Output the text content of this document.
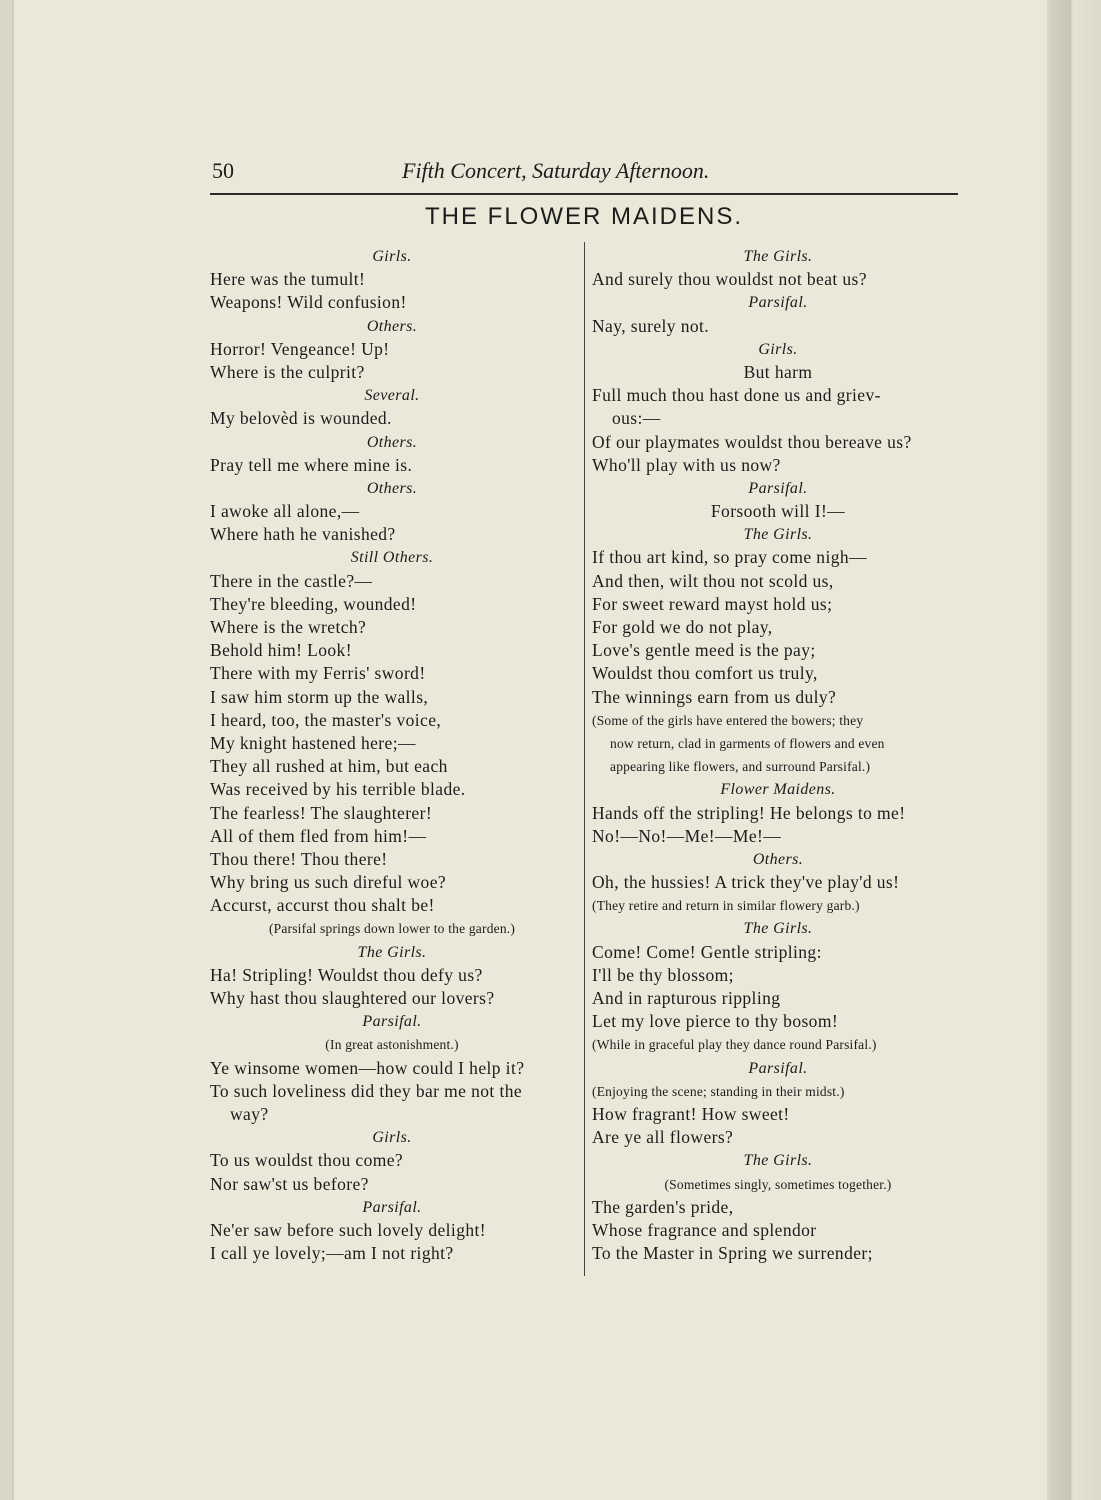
50	Fifth Concert, Saturday Afternoon.
THE FLOWER MAIDENS.
Girls.
Here was the tumult!
Weapons! Wild confusion!
Others.
Horror! Vengeance! Up!
Where is the culprit?
Several.
My belovèd is wounded.
Others.
Pray tell me where mine is.
Others.
I awoke all alone,—
Where hath he vanished?
Still Others.
There in the castle?—
They're bleeding, wounded!
Where is the wretch?
Behold him! Look!
There with my Ferris' sword!
I saw him storm up the walls,
I heard, too, the master's voice,
My knight hastened here;—
They all rushed at him, but each
Was received by his terrible blade.
The fearless! The slaughterer!
All of them fled from him!—
Thou there! Thou there!
Why bring us such direful woe?
Accurst, accurst thou shalt be!
(Parsifal springs down lower to the garden.)
The Girls.
Ha! Stripling! Wouldst thou defy us?
Why hast thou slaughtered our lovers?
Parsifal.
(In great astonishment.)
Ye winsome women—how could I help it?
To such loveliness did they bar me not the
way?
Girls.
To us wouldst thou come?
Nor saw'st us before?
Parsifal.
Ne'er saw before such lovely delight!
I call ye lovely;—am I not right?
The Girls.
And surely thou wouldst not beat us?
Parsifal.
Nay, surely not.
Girls.
But harm
Full much thou hast done us and griev-
ous:—
Of our playmates wouldst thou bereave us?
Who'll play with us now?
Parsifal.
Forsooth will I!—
The Girls.
If thou art kind, so pray come nigh—
And then, wilt thou not scold us,
For sweet reward mayst hold us;
For gold we do not play,
Love's gentle meed is the pay;
Wouldst thou comfort us truly,
The winnings earn from us duly?
(Some of the girls have entered the bowers; they
now return, clad in garments of flowers and even
appearing like flowers, and surround Parsifal.)
Flower Maidens.
Hands off the stripling! He belongs to me!
No!—No!—Me!—Me!—
Others.
Oh, the hussies! A trick they've play'd us!
(They retire and return in similar flowery garb.)
The Girls.
Come! Come! Gentle stripling:
I'll be thy blossom;
And in rapturous rippling
Let my love pierce to thy bosom!
(While in graceful play they dance round Parsifal.)
Parsifal.
(Enjoying the scene; standing in their midst.)
How fragrant! How sweet!
Are ye all flowers?
The Girls.
(Sometimes singly, sometimes together.)
The garden's pride,
Whose fragrance and splendor
To the Master in Spring we surrender;
